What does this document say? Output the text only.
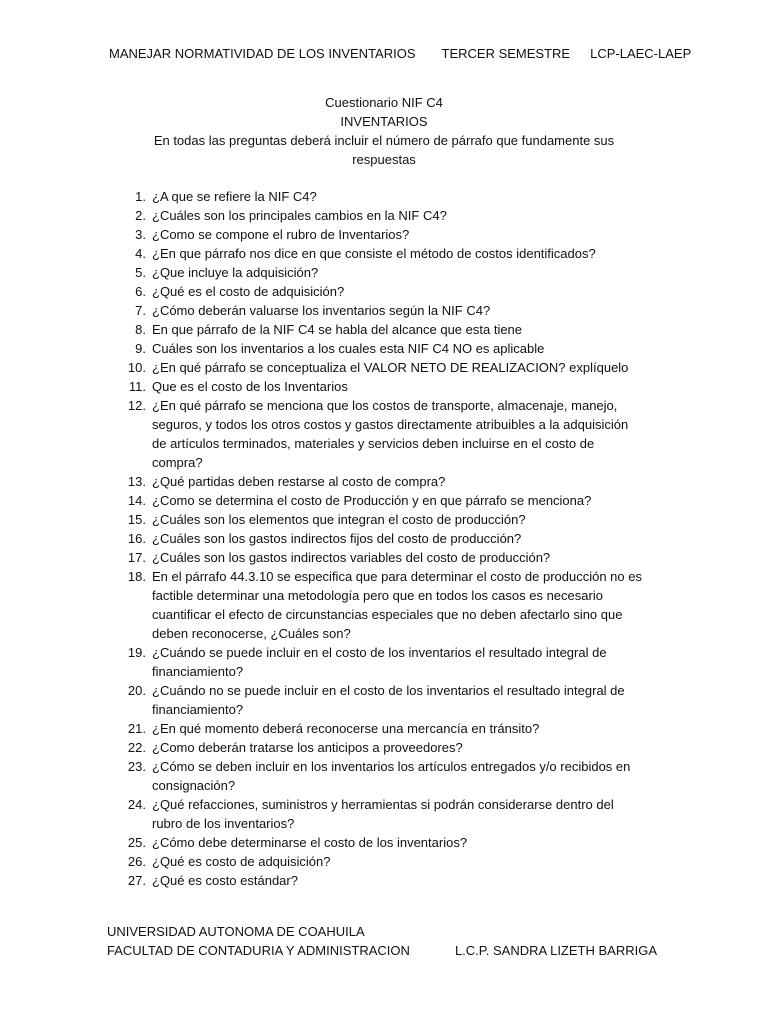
MANEJAR NORMATIVIDAD DE LOS INVENTARIOS TERCER SEMESTRE LCP-LAEC-LAEP
Cuestionario NIF C4
INVENTARIOS
En todas las preguntas deberá incluir el número de párrafo que fundamente sus respuestas
1. ¿A que se refiere la NIF C4?
2. ¿Cuáles son los principales cambios en la NIF C4?
3. ¿Como se compone el rubro de Inventarios?
4. ¿En que párrafo nos dice en que consiste el método de costos identificados?
5. ¿Que incluye la adquisición?
6. ¿Qué es el costo de adquisición?
7. ¿Cómo deberán valuarse los inventarios según la NIF C4?
8. En que párrafo de la NIF C4 se habla del alcance que esta tiene
9. Cuáles son los inventarios a los cuales esta NIF C4 NO es aplicable
10. ¿En qué párrafo se conceptualiza el VALOR NETO DE REALIZACION? explíquelo
11. Que es el costo de los Inventarios
12. ¿En qué párrafo se menciona que los costos de transporte, almacenaje, manejo, seguros, y todos los otros costos y gastos directamente atribuibles a la adquisición de artículos terminados, materiales y servicios deben incluirse en el costo de compra?
13. ¿Qué partidas deben restarse al costo de compra?
14. ¿Como se determina el costo de Producción y en que párrafo se menciona?
15. ¿Cuáles son los elementos que integran el costo de producción?
16. ¿Cuáles son los gastos indirectos fijos del costo de producción?
17. ¿Cuáles son los gastos indirectos variables del costo de producción?
18. En el párrafo 44.3.10 se especifica que para determinar el costo de producción no es factible determinar una metodología pero que en todos los casos es necesario cuantificar el efecto de circunstancias especiales que no deben afectarlo sino que deben reconocerse, ¿Cuáles son?
19. ¿Cuándo se puede incluir en el costo de los inventarios el resultado integral de financiamiento?
20. ¿Cuándo no se puede incluir en el costo de los inventarios el resultado integral de financiamiento?
21. ¿En qué momento deberá reconocerse una mercancía en tránsito?
22. ¿Como deberán tratarse los anticipos a proveedores?
23. ¿Cómo se deben incluir en los inventarios los artículos entregados y/o recibidos en consignación?
24. ¿Qué refacciones, suministros y herramientas si podrán considerarse dentro del rubro de los inventarios?
25. ¿Cómo debe determinarse el costo de los inventarios?
26. ¿Qué es costo de adquisición?
27. ¿Qué es costo estándar?
UNIVERSIDAD AUTONOMA DE COAHUILA
FACULTAD DE CONTADURIA Y ADMINISTRACION	L.C.P. SANDRA LIZETH BARRIGA
